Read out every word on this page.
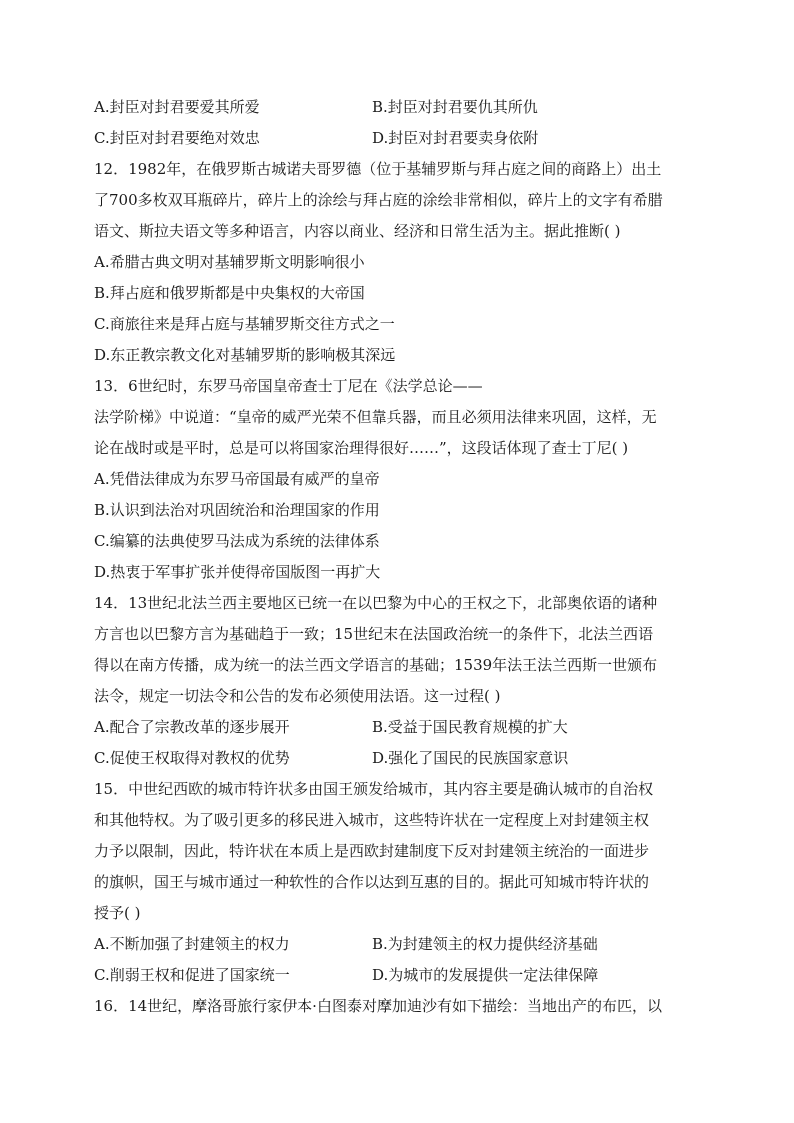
A.封臣对封君要爱其所爱	B.封臣对封君要仇其所仇
C.封臣对封君要绝对效忠	D.封臣对封君要卖身依附
12．1982年，在俄罗斯古城诺夫哥罗德（位于基辅罗斯与拜占庭之间的商路上）出土
了700多枚双耳瓶碎片，碎片上的涂绘与拜占庭的涂绘非常相似，碎片上的文字有希腊
语文、斯拉夫语文等多种语言，内容以商业、经济和日常生活为主。据此推断( )
A.希腊古典文明对基辅罗斯文明影响很小
B.拜占庭和俄罗斯都是中央集权的大帝国
C.商旅往来是拜占庭与基辅罗斯交往方式之一
D.东正教宗教文化对基辅罗斯的影响极其深远
13．6世纪时，东罗马帝国皇帝查士丁尼在《法学总论——
法学阶梯》中说道：“皇帝的威严光荣不但靠兵器，而且必须用法律来巩固，这样，无
论在战时或是平时，总是可以将国家治理得很好……”，这段话体现了查士丁尼( )
A.凭借法律成为东罗马帝国最有威严的皇帝
B.认识到法治对巩固统治和治理国家的作用
C.编纂的法典使罗马法成为系统的法律体系
D.热衷于军事扩张并使得帝国版图一再扩大
14．13世纪北法兰西主要地区已统一在以巴黎为中心的王权之下，北部奥依语的诸种
方言也以巴黎方言为基础趋于一致；15世纪末在法国政治统一的条件下，北法兰西语
得以在南方传播，成为统一的法兰西文学语言的基础；1539年法王法兰西斯一世颁布
法令，规定一切法令和公告的发布必须使用法语。这一过程( )
A.配合了宗教改革的逐步展开	B.受益于国民教育规模的扩大
C.促使王权取得对教权的优势	D.强化了国民的民族国家意识
15．中世纪西欧的城市特许状多由国王颁发给城市，其内容主要是确认城市的自治权
和其他特权。为了吸引更多的移民进入城市，这些特许状在一定程度上对封建领主权
力予以限制，因此，特许状在本质上是西欧封建制度下反对封建领主统治的一面进步
的旗帜，国王与城市通过一种软性的合作以达到互惠的目的。据此可知城市特许状的
授予( )
A.不断加强了封建领主的权力	B.为封建领主的权力提供经济基础
C.削弱王权和促进了国家统一	D.为城市的发展提供一定法律保障
16．14世纪，摩洛哥旅行家伊本·白图泰对摩加迪沙有如下描绘：当地出产的布匹，以
